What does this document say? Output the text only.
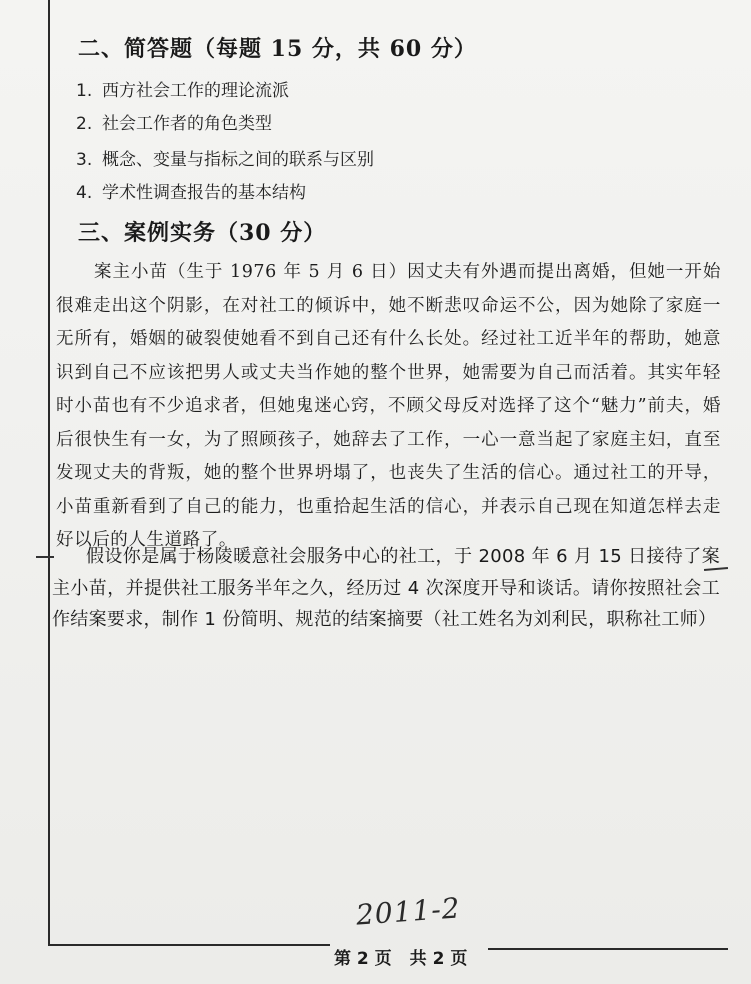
二、简答题（每题 15 分，共 60 分）
1. 西方社会工作的理论流派
2. 社会工作者的角色类型
3. 概念、变量与指标之间的联系与区别
4. 学术性调查报告的基本结构
三、案例实务（30 分）
案主小苗（生于 1976 年 5 月 6 日）因丈夫有外遇而提出离婚，但她一开始很难走出这个阴影，在对社工的倾诉中，她不断悲叹命运不公，因为她除了家庭一无所有，婚姻的破裂使她看不到自己还有什么长处。经过社工近半年的帮助，她意识到自己不应该把男人或丈夫当作她的整个世界，她需要为自己而活着。其实年轻时小苗也有不少追求者，但她鬼迷心窍，不顾父母反对选择了这个“魅力”前夫，婚后很快生有一女，为了照顾孩子，她辞去了工作，一心一意当起了家庭主妇，直至发现丈夫的背叛，她的整个世界坍塌了，也丧失了生活的信心。通过社工的开导，小苗重新看到了自己的能力，也重拾起生活的信心，并表示自己现在知道怎样去走好以后的人生道路了。
假设你是属于杨陵暖意社会服务中心的社工，于 2008 年 6 月 15 日接待了案主小苗，并提供社工服务半年之久，经历过 4 次深度开导和谈话。请你按照社会工作结案要求，制作 1 份简明、规范的结案摘要（社工姓名为刘利民，职称社工师）
2011-2
第 2 页 共 2 页
